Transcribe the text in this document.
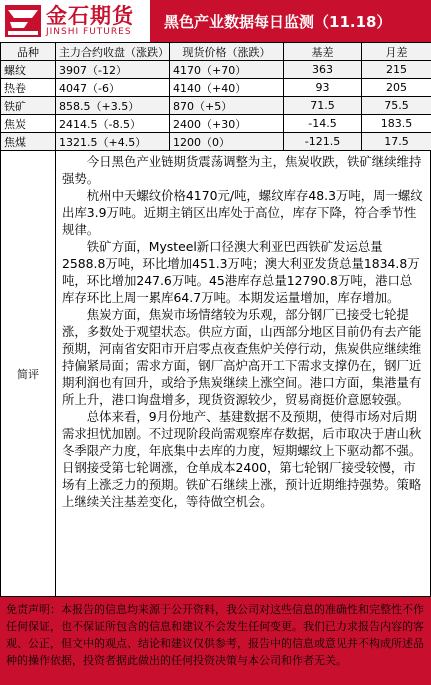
金石期货
JINSHI FUTURES
黑色产业数据每日监测（11.18）
品种	主力合约收盘（涨跌）	现货价格（涨跌）	基差	月差
螺纹	3907（-12）	4170（+70）	363	215
热卷	4047（-6）	4140（+40）	93	205
铁矿	858.5（+3.5）	870（+5）	71.5	75.5
焦炭	2414.5（-8.5）	2400（+30）	-14.5	183.5
焦煤	1321.5（+4.5）	1200（0）	-121.5	17.5
简评

今日黑色产业链期货震荡调整为主，焦炭收跌，铁矿继续维持强势。

杭州中天螺纹价格4170元/吨，螺纹库存48.3万吨，周一螺纹出库3.9万吨。近期主销区出库处于高位，库存下降，符合季节性规律。

铁矿方面，Mysteel新口径澳大利亚巴西铁矿发运总量2588.8万吨，环比增加451.3万吨；澳大利亚发货总量1834.8万吨，环比增加247.6万吨。45港库存总量12790.8万吨，港口总库存环比上周一累库64.7万吨。本期发运量增加，库存增加。

焦炭方面，焦炭市场情绪较为乐观，部分钢厂已接受七轮提涨，多数处于观望状态。供应方面，山西部分地区目前仍有去产能预期，河南省安阳市开启零点夜查焦炉关停行动，焦炭供应继续维持偏紧局面；需求方面，钢厂高炉高开工下需求支撑仍在，钢厂近期利润也有回升，或给予焦炭继续上涨空间。港口方面，集港量有所上升，港口询盘增多，现货资源较少，贸易商挺价意愿较强。

总体来看，9月份地产、基建数据不及预期，使得市场对后期需求担忧加剧。不过现阶段尚需观察库存数据，后市取决于唐山秋冬季限产力度，年底集中去库的力度，短期螺纹上下驱动都不强。日钢接受第七轮调涨，仓单成本2400，第七轮钢厂接受较慢，市场有上涨乏力的预期。铁矿石继续上涨，预计近期维持强势。策略上继续关注基差变化，等待做空机会。

免责声明：本报告的信息均来源于公开资料，我公司对这些信息的准确性和完整性不作任何保证，也不保证所包含的信息和建议不会发生任何变更。我们已力求报告内容的客观、公正，但文中的观点、结论和建议仅供参考，报告中的信息或意见并不构成所述品种的操作依据，投资者据此做出的任何投资决策与本公司和作者无关。
